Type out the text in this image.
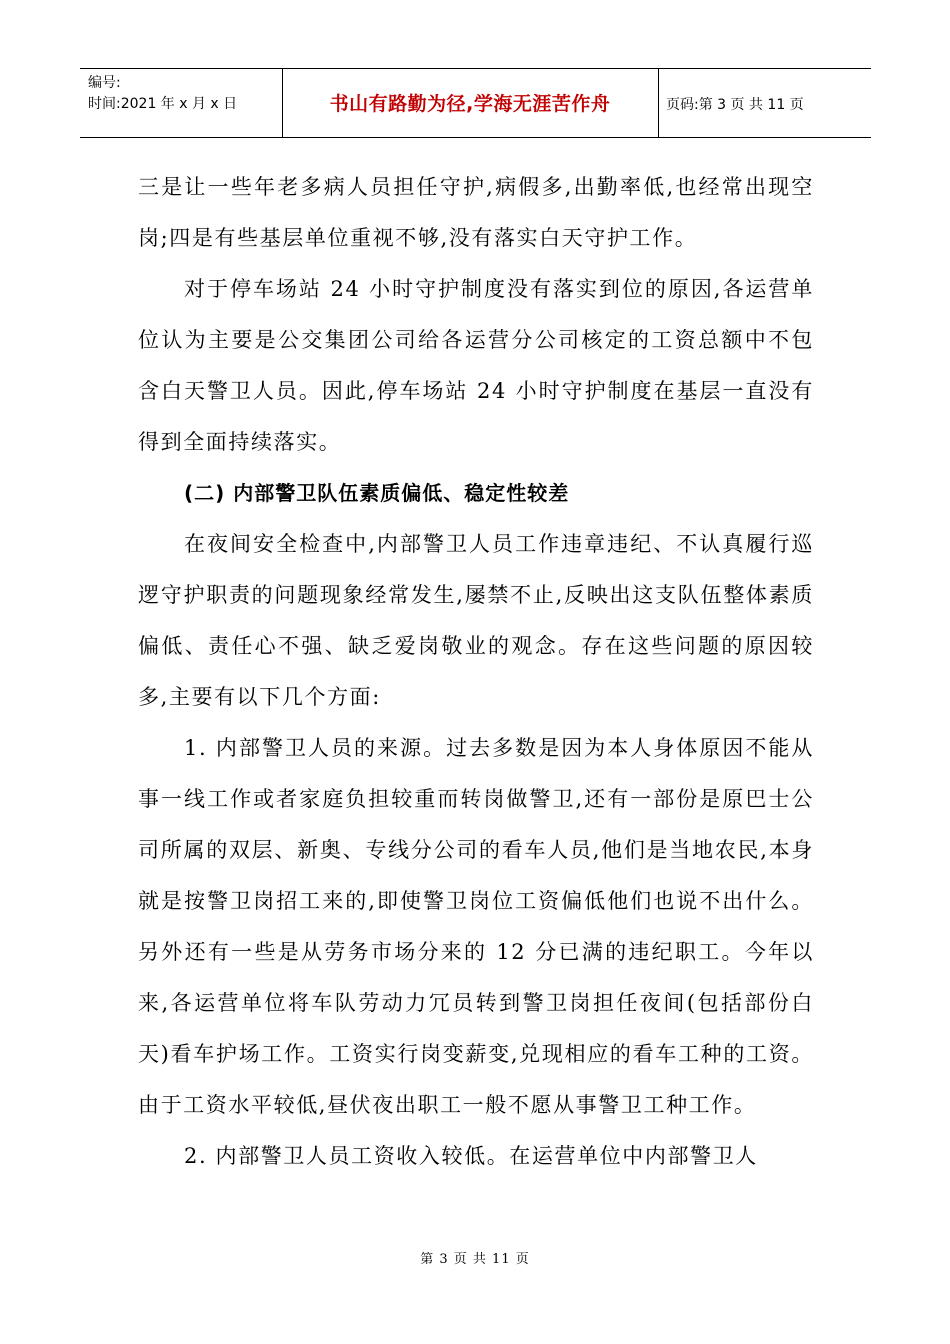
编号:
时间:2021 年 x 月 x 日	书山有路勤为径,学海无涯苦作舟	页码:第 3 页 共 11 页

三是让一些年老多病人员担任守护,病假多,出勤率低,也经常出现空岗;四是有些基层单位重视不够,没有落实白天守护工作。

对于停车场站 24 小时守护制度没有落实到位的原因,各运营单位认为主要是公交集团公司给各运营分公司核定的工资总额中不包含白天警卫人员。因此,停车场站 24 小时守护制度在基层一直没有得到全面持续落实。

(二) 内部警卫队伍素质偏低、稳定性较差

在夜间安全检查中,内部警卫人员工作违章违纪、不认真履行巡逻守护职责的问题现象经常发生,屡禁不止,反映出这支队伍整体素质偏低、责任心不强、缺乏爱岗敬业的观念。存在这些问题的原因较多,主要有以下几个方面:

1. 内部警卫人员的来源。过去多数是因为本人身体原因不能从事一线工作或者家庭负担较重而转岗做警卫,还有一部份是原巴士公司所属的双层、新奥、专线分公司的看车人员,他们是当地农民,本身就是按警卫岗招工来的,即使警卫岗位工资偏低他们也说不出什么。另外还有一些是从劳务市场分来的 12 分已满的违纪职工。今年以来,各运营单位将车队劳动力冗员转到警卫岗担任夜间(包括部份白天)看车护场工作。工资实行岗变薪变,兑现相应的看车工种的工资。由于工资水平较低,昼伏夜出职工一般不愿从事警卫工种工作。

2. 内部警卫人员工资收入较低。在运营单位中内部警卫人

第 3 页 共 11 页
